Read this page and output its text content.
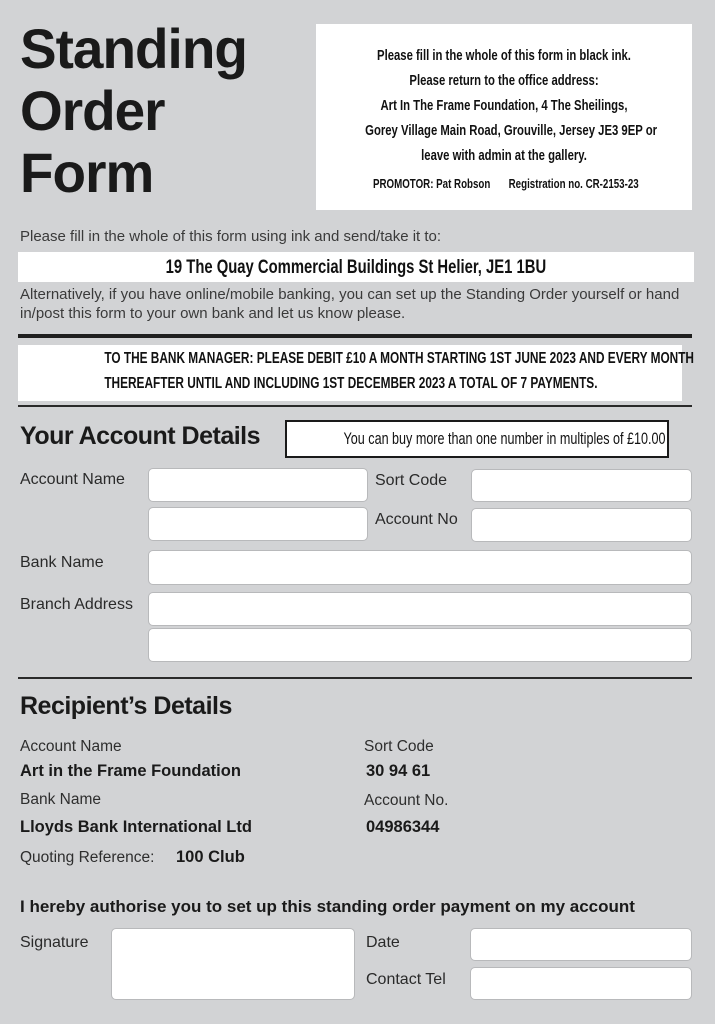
Standing
Order
Form
Please fill in the whole of this form in black ink.
Please return to the office address:
Art In The Frame Foundation, 4 The Sheilings,
Gorey Village Main Road, Grouville, Jersey JE3 9EP or
leave with admin at the gallery.
PROMOTOR: Pat Robson Registration no. CR-2153-23
Please fill in the whole of this form using ink and send/take it to:
19 The Quay Commercial Buildings St Helier, JE1 1BU
Alternatively, if you have online/mobile banking, you can set up the Standing Order yourself or hand in/post this form to your own bank and let us know please.
TO THE BANK MANAGER: PLEASE DEBIT £10 A MONTH STARTING 1ST JUNE 2023 AND EVERY MONTH
THEREAFTER UNTIL AND INCLUDING 1ST DECEMBER 2023 A TOTAL OF 7 PAYMENTS.
Your Account Details	You can buy more than one number in multiples of £10.00
Account Name	Sort Code
Account No
Bank Name
Branch Address
Recipient’s Details
Account Name
Art in the Frame Foundation
Sort Code
30 94 61
Bank Name
Lloyds Bank International Ltd
Account No.
04986344
Quoting Reference: 100 Club
I hereby authorise you to set up this standing order payment on my account
Signature	Date
Contact Tel
